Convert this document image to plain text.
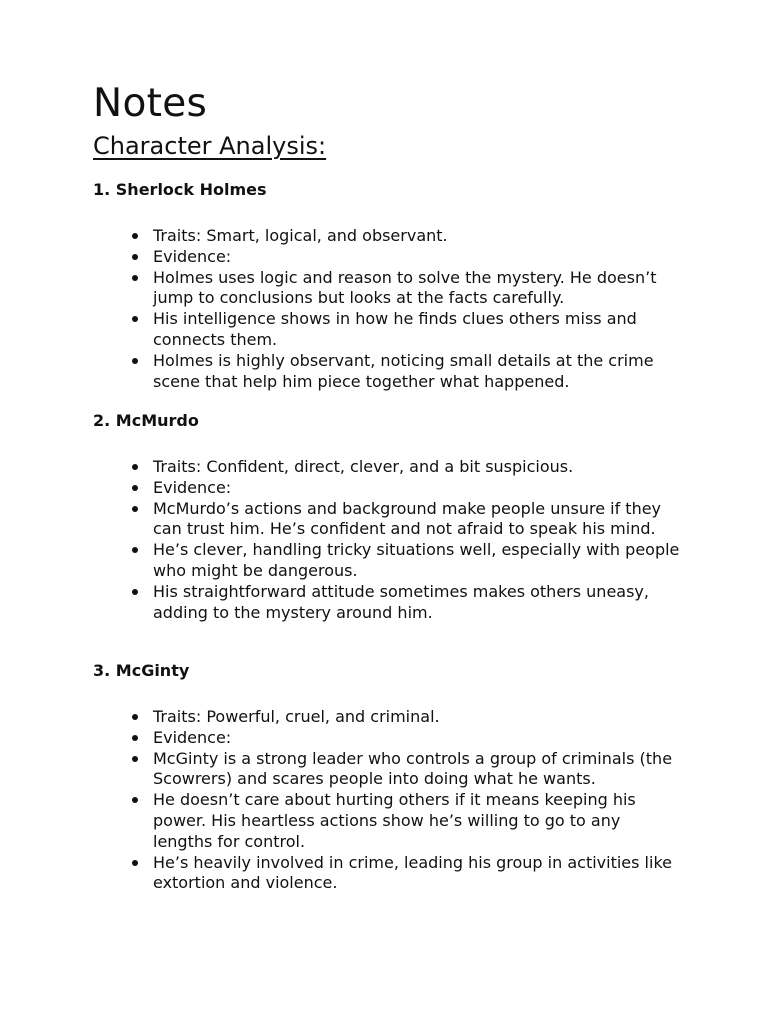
Notes
Character Analysis:
1. Sherlock Holmes
Traits: Smart, logical, and observant.
Evidence:
Holmes uses logic and reason to solve the mystery. He doesn’t jump to conclusions but looks at the facts carefully.
His intelligence shows in how he finds clues others miss and connects them.
Holmes is highly observant, noticing small details at the crime scene that help him piece together what happened.
2. McMurdo
Traits: Confident, direct, clever, and a bit suspicious.
Evidence:
McMurdo’s actions and background make people unsure if they can trust him. He’s confident and not afraid to speak his mind.
He’s clever, handling tricky situations well, especially with people who might be dangerous.
His straightforward attitude sometimes makes others uneasy, adding to the mystery around him.
3. McGinty
Traits: Powerful, cruel, and criminal.
Evidence:
McGinty is a strong leader who controls a group of criminals (the Scowrers) and scares people into doing what he wants.
He doesn’t care about hurting others if it means keeping his power. His heartless actions show he’s willing to go to any lengths for control.
He’s heavily involved in crime, leading his group in activities like extortion and violence.
